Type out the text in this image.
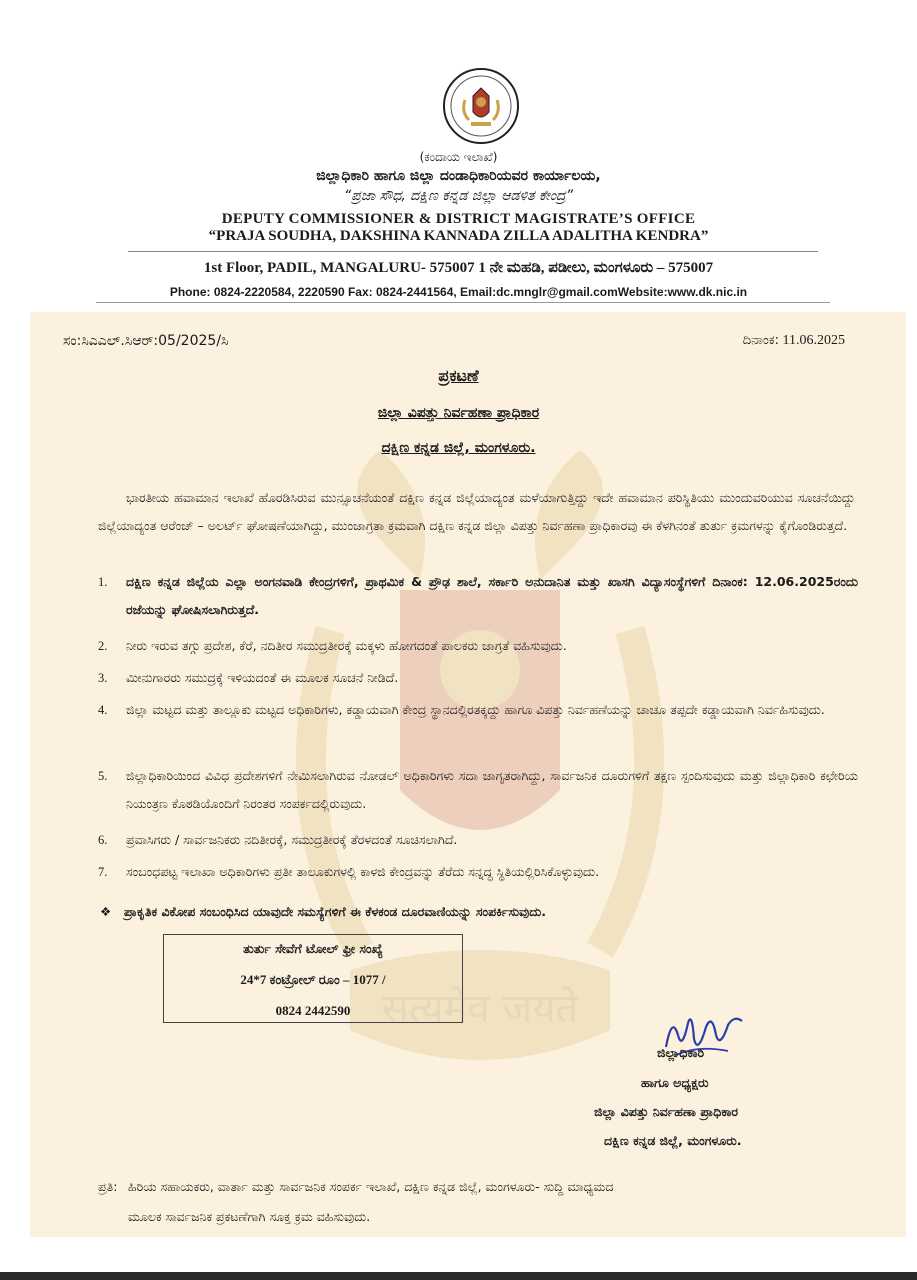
(ಕಂದಾಯ ಇಲಾಖೆ)
ಜಿಲ್ಲಾಧಿಕಾರಿ ಹಾಗೂ ಜಿಲ್ಲಾ ದಂಡಾಧಿಕಾರಿಯವರ ಕಾರ್ಯಾಲಯ,
“ಪ್ರಜಾ ಸೌಧ, ದಕ್ಷಿಣ ಕನ್ನಡ ಜಿಲ್ಲಾ ಆಡಳಿತ ಕೇಂದ್ರ”
DEPUTY COMMISSIONER & DISTRICT MAGISTRATE’S OFFICE
“PRAJA SOUDHA, DAKSHINA KANNADA ZILLA ADALITHA KENDRA”
1st Floor, PADIL, MANGALURU- 575007 1 ನೇ ಮಹಡಿ, ಪಡೀಲು, ಮಂಗಳೂರು – 575007
Phone: 0824-2220584, 2220590 Fax: 0824-2441564, Email:dc.mnglr@gmail.comWebsite:www.dk.nic.in
सत्यमेव जयते
ಸಂ:ಸಿಎಎಲ್.ಸಿಆರ್:05/2025/ಸಿ	ದಿನಾಂಕ: 11.06.2025
ಪ್ರಕಟಣೆ
ಜಿಲ್ಲಾ ವಿಪತ್ತು ನಿರ್ವಹಣಾ ಪ್ರಾಧಿಕಾರ
ದಕ್ಷಿಣ ಕನ್ನಡ ಜಿಲ್ಲೆ, ಮಂಗಳೂರು.
ಭಾರತೀಯ ಹವಾಮಾನ ಇಲಾಖೆ ಹೊರಡಿಸಿರುವ ಮುನ್ಸೂಚನೆಯಂತೆ ದಕ್ಷಿಣ ಕನ್ನಡ ಜಿಲ್ಲೆಯಾದ್ಯಂತ ಮಳೆಯಾಗುತ್ತಿದ್ದು ಇದೇ ಹವಾಮಾನ ಪರಿಸ್ಥಿತಿಯು ಮುಂದುವರಿಯುವ ಸೂಚನೆಯಿದ್ದು ಜಿಲ್ಲೆಯಾದ್ಯಂತ ಆರೆಂಜ್ – ಅಲರ್ಟ್ ಘೋಷಣೆಯಾಗಿದ್ದು, ಮುಂಜಾಗ್ರತಾ ಕ್ರಮವಾಗಿ ದಕ್ಷಿಣ ಕನ್ನಡ ಜಿಲ್ಲಾ ವಿಪತ್ತು ನಿರ್ವಹಣಾ ಪ್ರಾಧಿಕಾರವು ಈ ಕೆಳಗಿನಂತೆ ತುರ್ತು ಕ್ರಮಗಳನ್ನು ಕೈಗೊಂಡಿರುತ್ತದೆ.
1.	ದಕ್ಷಿಣ ಕನ್ನಡ ಜಿಲ್ಲೆಯ ಎಲ್ಲಾ ಅಂಗನವಾಡಿ ಕೇಂದ್ರಗಳಿಗೆ, ಪ್ರಾಥಮಿಕ & ಪ್ರೌಢ ಶಾಲೆ, ಸರ್ಕಾರಿ ಅನುದಾನಿತ ಮತ್ತು ಖಾಸಗಿ ವಿದ್ಯಾಸಂಸ್ಥೆಗಳಿಗೆ ದಿನಾಂಕ: 12.06.2025ರಂದು ರಜೆಯನ್ನು ಘೋಷಿಸಲಾಗಿರುತ್ತದೆ.
2.	ನೀರು ಇರುವ ತಗ್ಗು ಪ್ರದೇಶ, ಕೆರೆ, ನದಿತೀರ ಸಮುದ್ರತೀರಕ್ಕೆ ಮಕ್ಕಳು ಹೋಗದಂತೆ ಪಾಲಕರು ಜಾಗ್ರತೆ ವಹಿಸುವುದು.
3.	ಮೀನುಗಾರರು ಸಮುದ್ರಕ್ಕೆ ಇಳಿಯದಂತೆ ಈ ಮೂಲಕ ಸೂಚನೆ ನೀಡಿದೆ.
4.	ಜಿಲ್ಲಾ ಮಟ್ಟದ ಮತ್ತು ತಾಲ್ಲೂಕು ಮಟ್ಟದ ಅಧಿಕಾರಿಗಳು, ಕಡ್ಡಾಯವಾಗಿ ಕೇಂದ್ರ ಸ್ಥಾನದಲ್ಲಿರತಕ್ಕದ್ದು ಹಾಗೂ ವಿಪತ್ತು ನಿರ್ವಹಣೆಯನ್ನು ಚಾಚೂ ತಪ್ಪದೇ ಕಡ್ಡಾಯವಾಗಿ ನಿರ್ವಹಿಸುವುದು.
5.	ಜಿಲ್ಲಾಧಿಕಾರಿಯಿಂದ ವಿವಿಧ ಪ್ರದೇಶಗಳಿಗೆ ನೇಮಿಸಲಾಗಿರುವ ನೋಡಲ್ ಅಧಿಕಾರಿಗಳು ಸದಾ ಜಾಗೃತರಾಗಿದ್ದು, ಸಾರ್ವಜನಿಕ ದೂರುಗಳಿಗೆ ತಕ್ಷಣ ಸ್ಪಂದಿಸುವುದು ಮತ್ತು ಜಿಲ್ಲಾಧಿಕಾರಿ ಕಛೇರಿಯ ನಿಯಂತ್ರಣ ಕೊಠಡಿಯೊಂದಿಗೆ ನಿರಂತರ ಸಂಪರ್ಕದಲ್ಲಿರುವುದು.
6.	ಪ್ರವಾಸಿಗರು / ಸಾರ್ವಜನಿಕರು ನದಿತೀರಕ್ಕೆ, ಸಮುದ್ರತೀರಕ್ಕೆ ತೆರಳದಂತೆ ಸೂಚಿಸಲಾಗಿದೆ.
7.	ಸಂಬಂಧಪಟ್ಟ ಇಲಾಖಾ ಅಧಿಕಾರಿಗಳು ಪ್ರತೀ ತಾಲೂಕುಗಳಲ್ಲಿ ಕಾಳಜಿ ಕೇಂದ್ರವನ್ನು ತೆರೆದು ಸನ್ನದ್ಧ ಸ್ಥಿತಿಯಲ್ಲಿರಿಸಿಕೊಳ್ಳುವುದು.
❖ ಪ್ರಾಕೃತಿಕ ವಿಕೋಪ ಸಂಬಂಧಿಸಿದ ಯಾವುದೇ ಸಮಸ್ಯೆಗಳಿಗೆ ಈ ಕೆಳಕಂಡ ದೂರವಾಣಿಯನ್ನು ಸಂಪರ್ಕಿಸುವುದು.
ತುರ್ತು ಸೇವೆಗೆ ಟೋಲ್ ಫ್ರೀ ಸಂಖ್ಯೆ
24*7 ಕಂಟ್ರೋಲ್ ರೂಂ – 1077 /
0824 2442590
ಜಿಲ್ಲಾಧಿಕಾರಿ
ಹಾಗೂ ಅಧ್ಯಕ್ಷರು
ಜಿಲ್ಲಾ ವಿಪತ್ತು ನಿರ್ವಹಣಾ ಪ್ರಾಧಿಕಾರ
ದಕ್ಷಿಣ ಕನ್ನಡ ಜಿಲ್ಲೆ, ಮಂಗಳೂರು.
ಪ್ರತಿ: ಹಿರಿಯ ಸಹಾಯಕರು, ವಾರ್ತಾ ಮತ್ತು ಸಾರ್ವಜನಿಕ ಸಂಪರ್ಕ ಇಲಾಖೆ, ದಕ್ಷಿಣ ಕನ್ನಡ ಜಿಲ್ಲೆ, ಮಂಗಳೂರು- ಸುದ್ದಿ ಮಾಧ್ಯಮದ
ಮೂಲಕ ಸಾರ್ವಜನಿಕ ಪ್ರಕಟಣೆಗಾಗಿ ಸೂಕ್ತ ಕ್ರಮ ವಹಿಸುವುದು.
